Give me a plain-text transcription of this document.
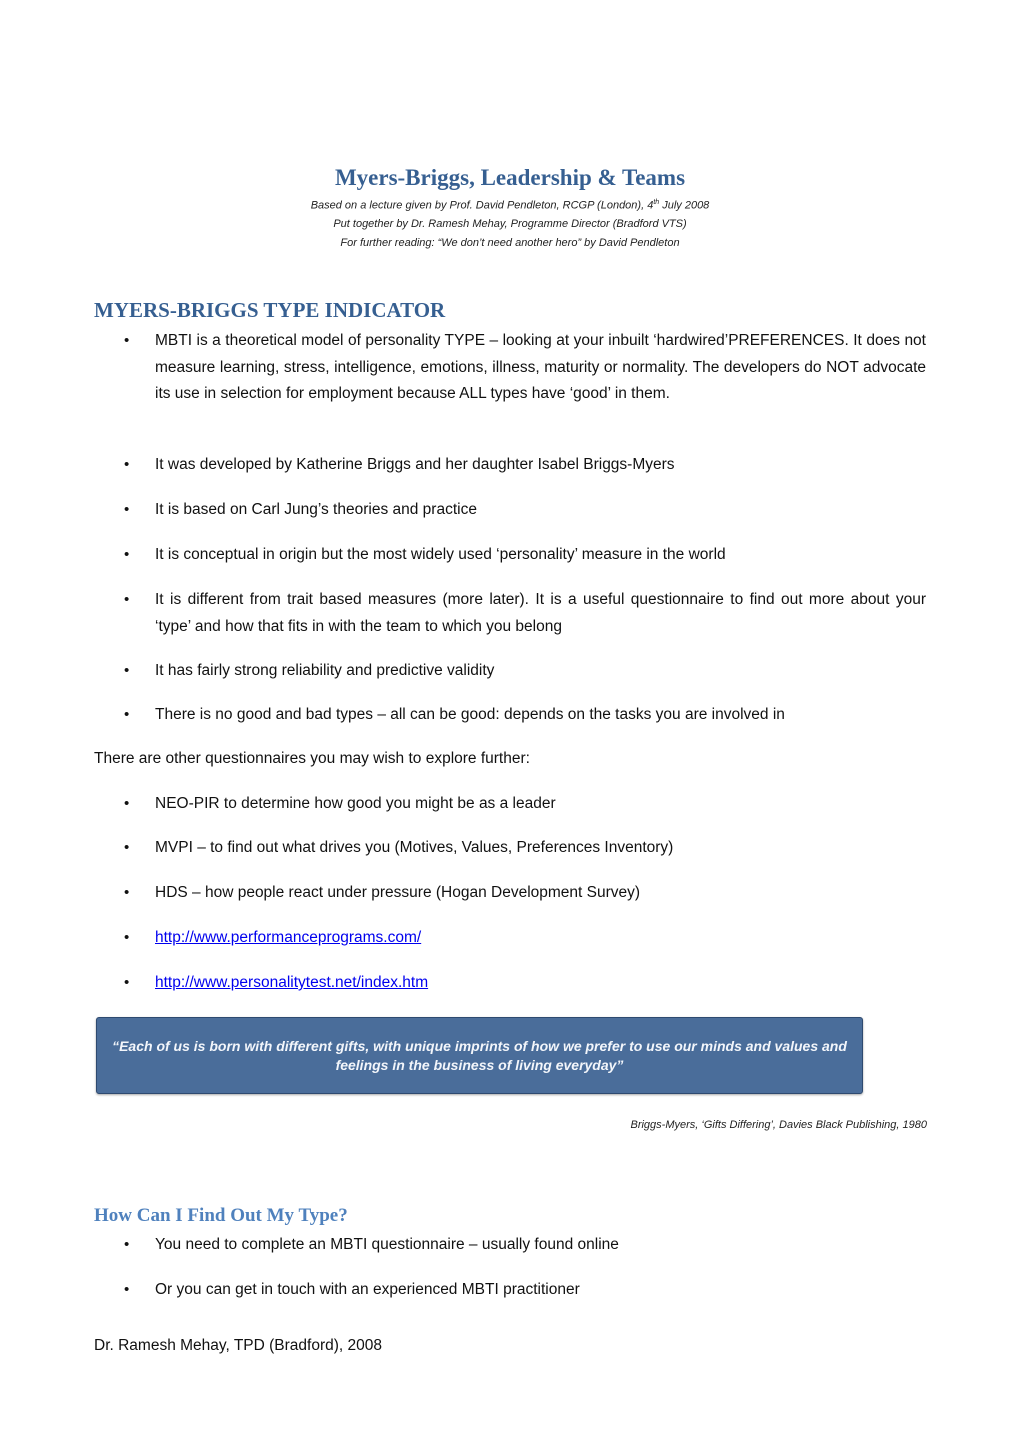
Myers-Briggs, Leadership & Teams

Based on a lecture given by Prof. David Pendleton, RCGP (London), 4th July 2008

Put together by Dr. Ramesh Mehay, Programme Director (Bradford VTS)

For further reading: “We don’t need another hero” by David Pendleton

MYERS-BRIGGS TYPE INDICATOR
• MBTI is a theoretical model of personality TYPE – looking at your inbuilt ‘hardwired’PREFERENCES. It does not measure learning, stress, intelligence, emotions, illness, maturity or normality. The developers do NOT advocate its use in selection for employment because ALL types have ‘good’ in them.
• It was developed by Katherine Briggs and her daughter Isabel Briggs-Myers
• It is based on Carl Jung’s theories and practice
• It is conceptual in origin but the most widely used ‘personality’ measure in the world
• It is different from trait based measures (more later). It is a useful questionnaire to find out more about your ‘type’ and how that fits in with the team to which you belong
• It has fairly strong reliability and predictive validity
• There is no good and bad types – all can be good: depends on the tasks you are involved in

There are other questionnaires you may wish to explore further:

• NEO-PIR to determine how good you might be as a leader
• MVPI – to find out what drives you (Motives, Values, Preferences Inventory)
• HDS – how people react under pressure (Hogan Development Survey)
• http://www.performanceprograms.com/
• http://www.personalitytest.net/index.htm

“Each of us is born with different gifts, with unique imprints of how we prefer to use our minds and values and feelings in the business of living everyday”

Briggs-Myers, ‘Gifts Differing’, Davies Black Publishing, 1980

How Can I Find Out My Type?
• You need to complete an MBTI questionnaire – usually found online
• Or you can get in touch with an experienced MBTI practitioner

Dr. Ramesh Mehay, TPD (Bradford), 2008
